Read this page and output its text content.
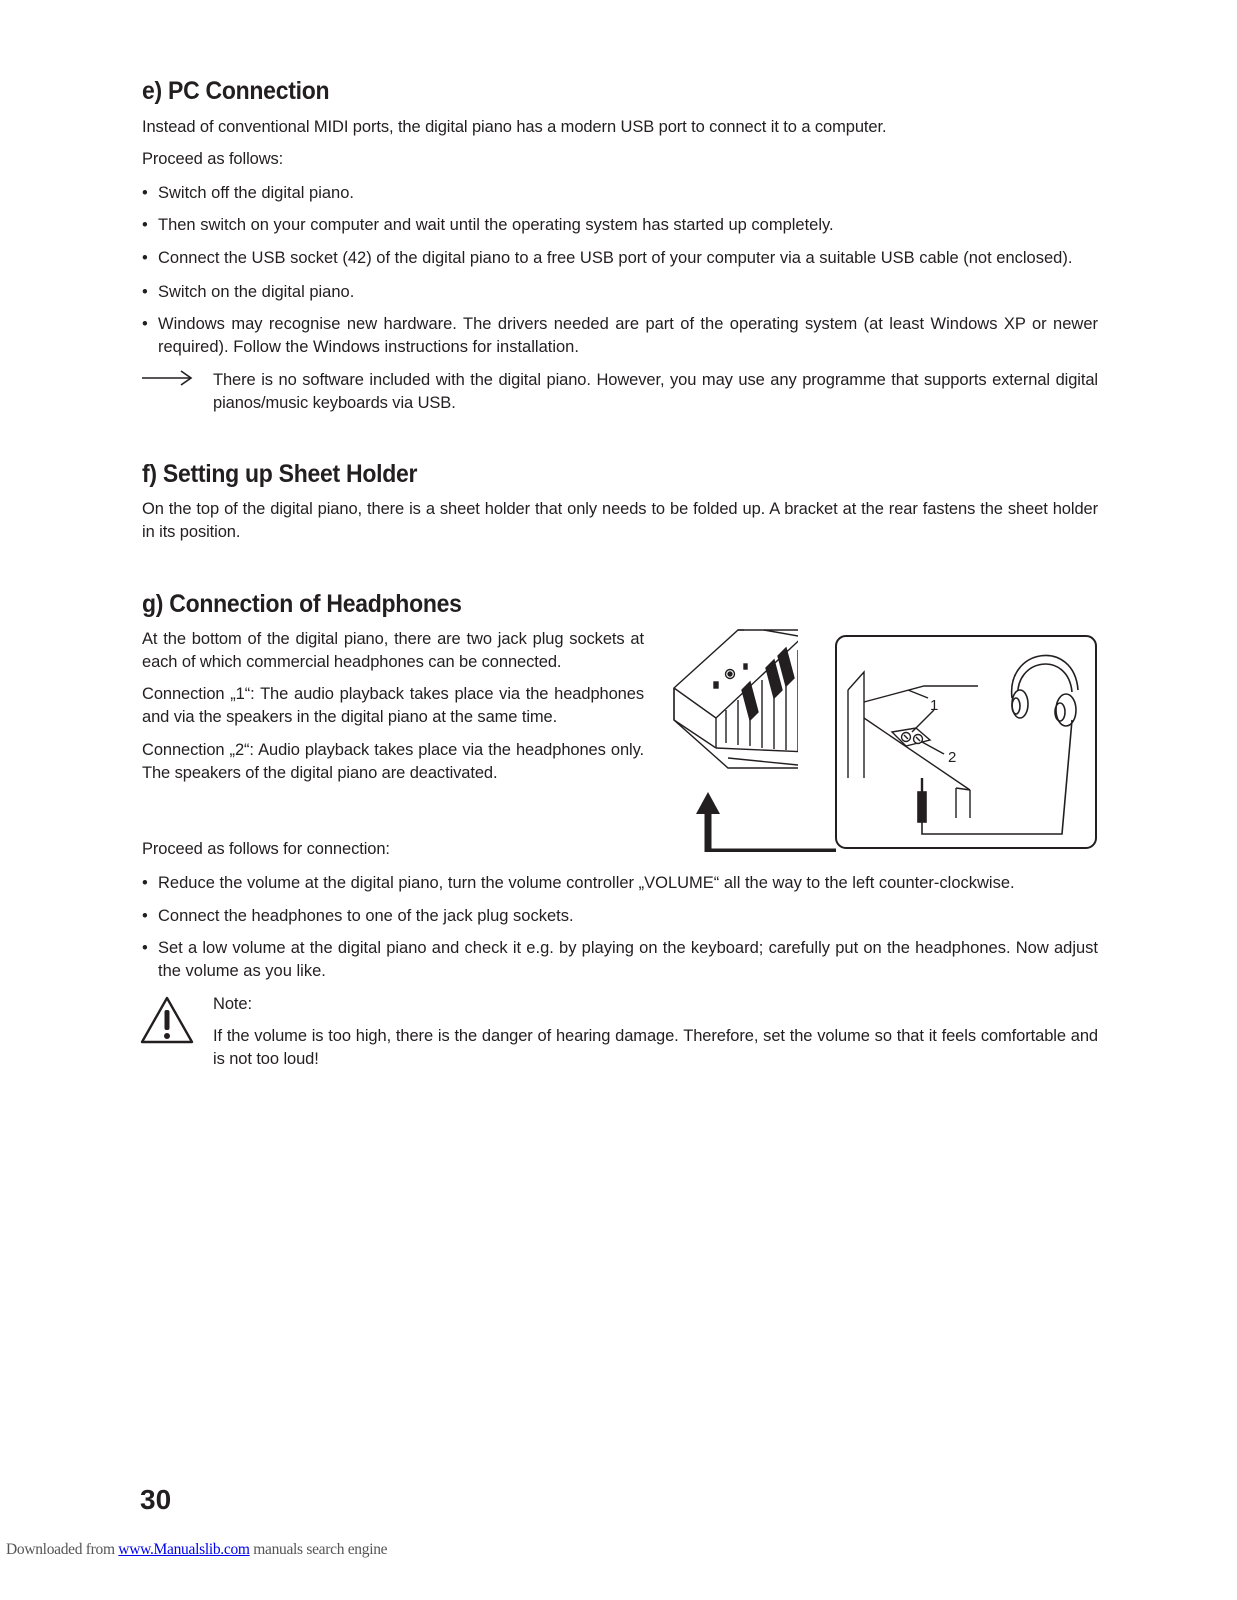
e) PC Connection
Instead of conventional MIDI ports, the digital piano has a modern USB port to connect it to a computer.
Proceed as follows:
• Switch off the digital piano.
• Then switch on your computer and wait until the operating system has started up completely.
• Connect the USB socket (42) of the digital piano to a free USB port of your computer via a suitable USB cable (not enclosed).
• Switch on the digital piano.
• Windows may recognise new hardware. The drivers needed are part of the operating system (at least Windows XP or newer required). Follow the Windows instructions for installation.
There is no software included with the digital piano. However, you may use any programme that supports external digital pianos/music keyboards via USB.
f) Setting up Sheet Holder
On the top of the digital piano, there is a sheet holder that only needs to be folded up. A bracket at the rear fastens the sheet holder in its position.
g) Connection of Headphones
At the bottom of the digital piano, there are two jack plug sockets at each of which commercial headphones can be connected.
Connection „1“: The audio playback takes place via the headphones and via the speakers in the digital piano at the same time.
Connection „2“: Audio playback takes place via the headphones only. The speakers of the digital piano are deactivated.
1
2
Proceed as follows for connection:
• Reduce the volume at the digital piano, turn the volume controller „VOLUME“ all the way to the left counter-clockwise.
• Connect the headphones to one of the jack plug sockets.
• Set a low volume at the digital piano and check it e.g. by playing on the keyboard; carefully put on the headphones. Now adjust the volume as you like.
Note:
If the volume is too high, there is the danger of hearing damage. Therefore, set the volume so that it feels comfortable and is not too loud!
30
Downloaded from www.Manualslib.com manuals search engine
